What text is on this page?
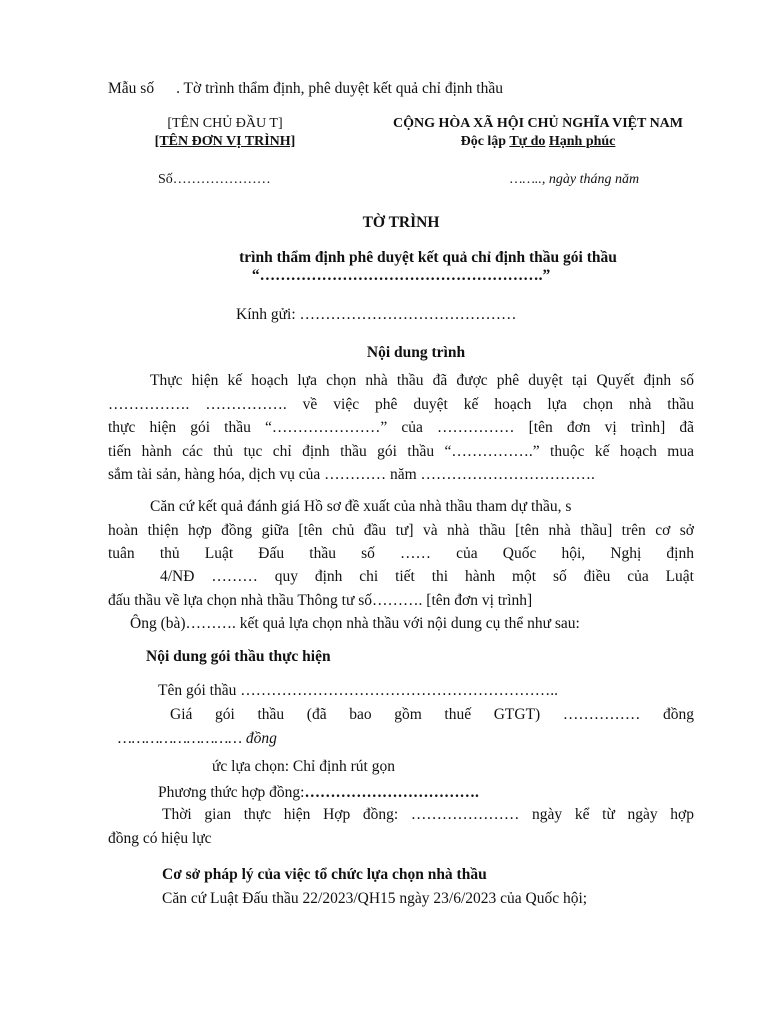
Mẫu số . Tờ trình thẩm định, phê duyệt kết quả chỉ định thầu
[TÊN CHỦ ĐẦU T]
[TÊN ĐƠN VỊ TRÌNH]
CỘNG HÒA XÃ HỘI CHỦ NGHĨA VIỆT NAM
Độc lập Tự do Hạnh phúc
Số…………………	…….., ngày tháng năm
TỜ TRÌNH
trình thẩm định phê duyệt kết quả chỉ định thầu gói thầu
“……………………………………………….”
Kính gửi: ……………………………………
Nội dung trình
Thực hiện kế hoạch lựa chọn nhà thầu đã được phê duyệt tại Quyết định số
……………. ……………. về việc phê duyệt kế hoạch lựa chọn nhà thầu
thực hiện gói thầu “…………………” của …………… [tên đơn vị trình] đã
tiến hành các thủ tục chỉ định thầu gói thầu “…………….” thuộc kế hoạch mua
sắm tài sản, hàng hóa, dịch vụ của ………… năm …………………………….
Căn cứ kết quả đánh giá Hồ sơ đề xuất của nhà thầu tham dự thầu, s
hoàn thiện hợp đồng giữa [tên chủ đầu tư] và nhà thầu [tên nhà thầu] trên cơ sở
tuân thủ Luật Đấu thầu số …… của Quốc hội, Nghị định
4/NĐ ……… quy định chi tiết thi hành một số điều của Luật
đấu thầu về lựa chọn nhà thầu Thông tư số………. [tên đơn vị trình]
Ông (bà)………. kết quả lựa chọn nhà thầu với nội dung cụ thể như sau:
Nội dung gói thầu thực hiện
Tên gói thầu ……………………………………………………..
Giá gói thầu (đã bao gồm thuế GTGT) …………… đồng
……………………… đồng
ức lựa chọn: Chỉ định rút gọn
Phương thức hợp đồng:…………………………….
Thời gian thực hiện Hợp đồng: ………………… ngày kể từ ngày hợp
đồng có hiệu lực
Cơ sở pháp lý của việc tổ chức lựa chọn nhà thầu
Căn cứ Luật Đấu thầu 22/2023/QH15 ngày 23/6/2023 của Quốc hội;
